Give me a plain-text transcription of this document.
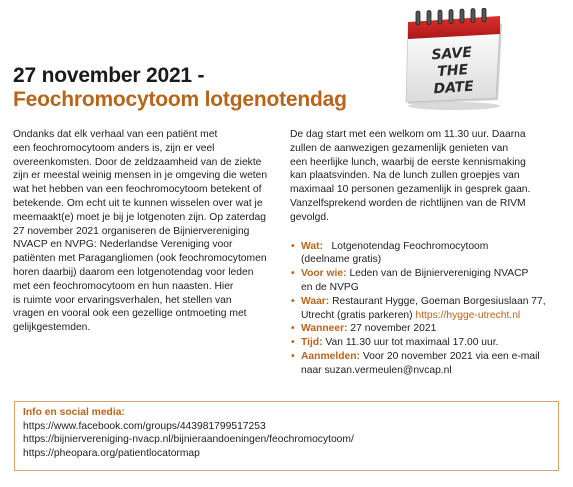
SAVE
THE
DATE
27 november 2021 -
Feochromocytoom lotgenotendag
Ondanks dat elk verhaal van een patiënt met
een feochromocytoom anders is, zijn er veel
overeenkomsten. Door de zeldzaamheid van de ziekte
zijn er meestal weinig mensen in je omgeving die weten
wat het hebben van een feochromocytoom betekent of
betekende. Om echt uit te kunnen wisselen over wat je
meemaakt(e) moet je bij je lotgenoten zijn. Op zaterdag
27 november 2021 organiseren de Bijniervereniging
NVACP en NVPG: Nederlandse Vereniging voor
patiënten met Paragangliomen (ook feochromocytomen
horen daarbij) daarom een lotgenotendag voor leden
met een feochromocytoom en hun naasten. Hier
is ruimte voor ervaringsverhalen, het stellen van
vragen en vooral ook een gezellige ontmoeting met
gelijkgestemden.
De dag start met een welkom om 11.30 uur. Daarna
zullen de aanwezigen gezamenlijk genieten van
een heerlijke lunch, waarbij de eerste kennismaking
kan plaatsvinden. Na de lunch zullen groepjes van
maximaal 10 personen gezamenlijk in gesprek gaan.
Vanzelfsprekend worden de richtlijnen van de RIVM
gevolgd.
• Wat: Lotgenotendag Feochromocytoom
(deelname gratis)
• Voor wie: Leden van de Bijniervereniging NVACP
en de NVPG
• Waar: Restaurant Hygge, Goeman Borgesiuslaan 77,
Utrecht (gratis parkeren) https://hygge-utrecht.nl
• Wanneer: 27 november 2021
• Tijd: Van 11.30 uur tot maximaal 17.00 uur.
• Aanmelden: Voor 20 november 2021 via een e-mail
naar suzan.vermeulen@nvcap.nl
Info en social media:
https://www.facebook.com/groups/443981799517253
https://bijniervereniging-nvacp.nl/bijnieraandoeningen/feochromocytoom/
https://pheopara.org/patientlocatormap
